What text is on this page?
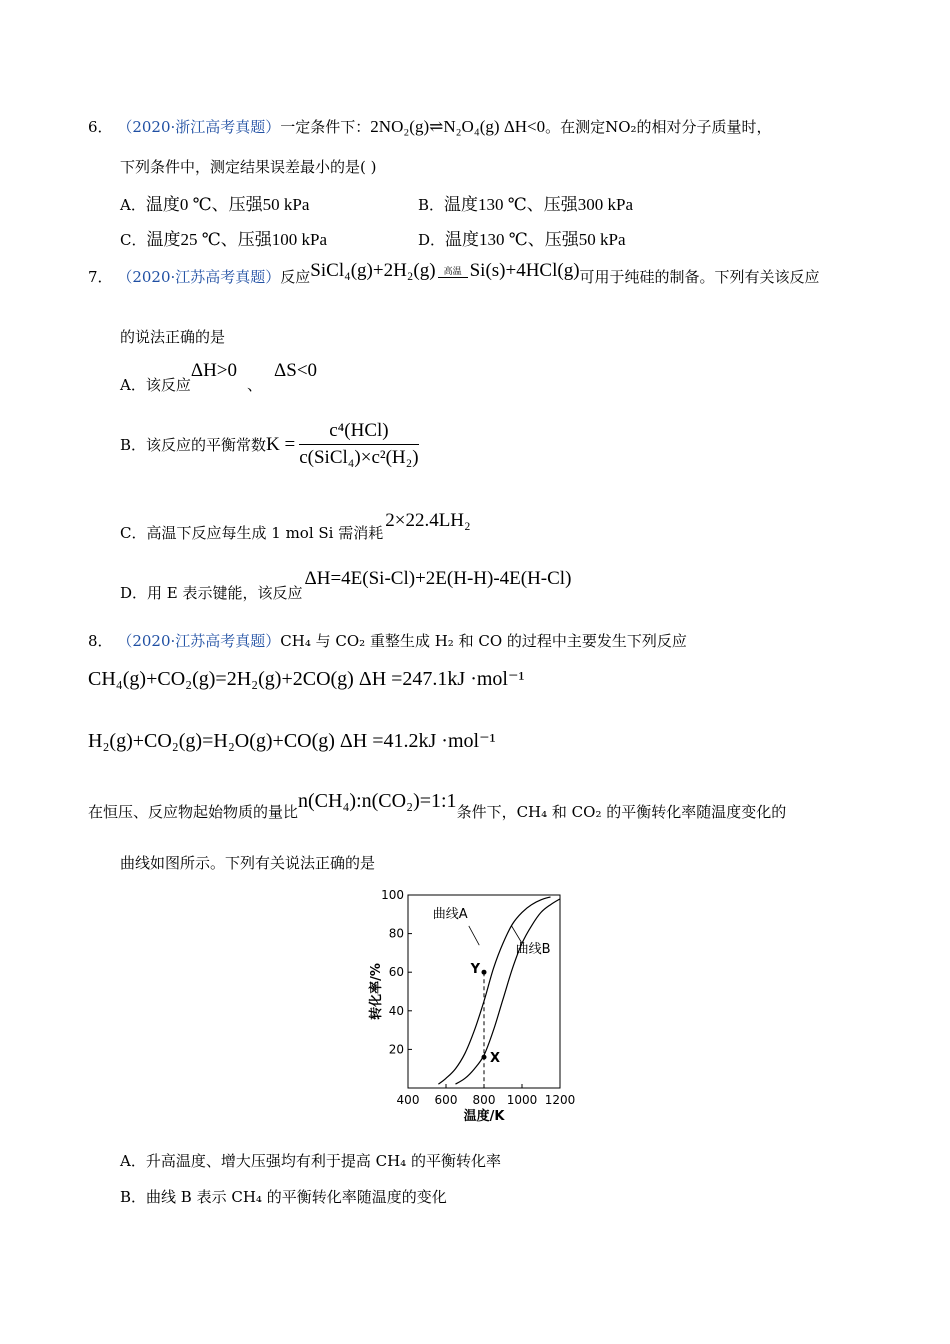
6． （2020·浙江高考真题）一定条件下：2NO₂(g)⇌N₂O₄(g) ΔH<0。在测定NO₂的相对分子质量时，
下列条件中，测定结果误差最小的是( )
A．温度0 ℃、压强50 kPa	B．温度130 ℃、压强300 kPa
C．温度25 ℃、压强100 kPa	D．温度130 ℃、压强50 kPa
7． （2020·江苏高考真题）反应SiCl₄(g)+2H₂(g) 高温 Si(s)+4HCl(g)可用于纯硅的制备。下列有关该反应
的说法正确的是
A．该反应ΔH>0、ΔS<0
B．该反应的平衡常数$K = \frac{\text{c⁴(HCl)}}{\text{c(SiCl₄)×c²(H₂)}}$
C．高温下反应每生成 1 mol Si 需消耗2×22.4LH₂
D．用 E 表示键能，该反应ΔH=4E(Si-Cl)+2E(H-H)-4E(H-Cl)
8． （2020·江苏高考真题）CH₄ 与 CO₂ 重整生成 H₂ 和 CO 的过程中主要发生下列反应
CH₄(g)+CO₂(g)=2H₂(g)+2CO(g) ΔH =247.1kJ ·mol⁻¹
H₂(g)+CO₂(g)=H₂O(g)+CO(g) ΔH =41.2kJ ·mol⁻¹
在恒压、反应物起始物质的量比n(CH₄):n(CO₂)=1:1条件下，CH₄ 和 CO₂ 的平衡转化率随温度变化的
曲线如图所示。下列有关说法正确的是
400 600 800 1000 1200
20
40
60
80
100
温度/K
转化率/%
曲线A
曲线B
Y
X
A．升高温度、增大压强均有利于提高 CH₄ 的平衡转化率
B．曲线 B 表示 CH₄ 的平衡转化率随温度的变化
